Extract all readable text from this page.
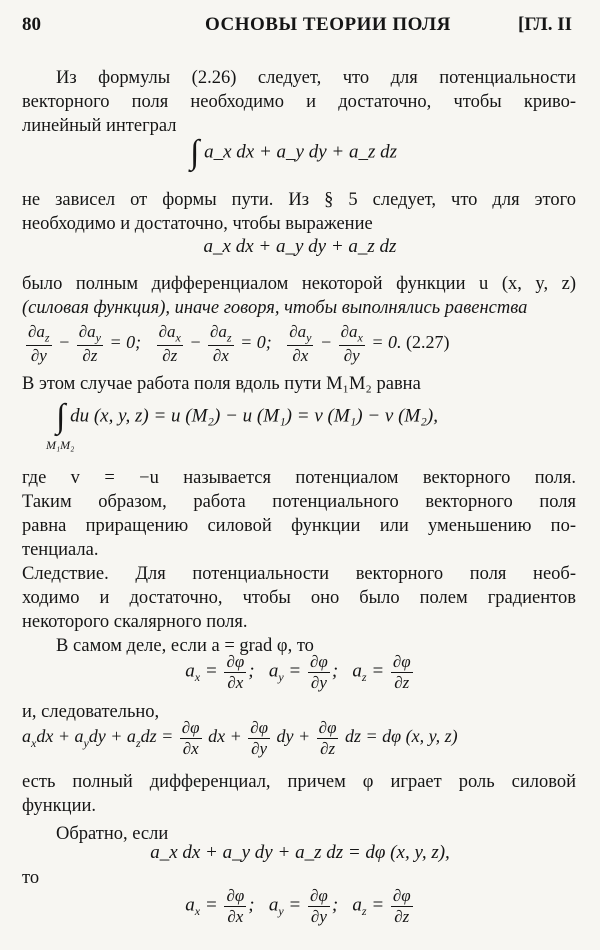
80	ОСНОВЫ ТЕОРИИ ПОЛЯ	[ГЛ. II
Из формулы (2.26) следует, что для потенциальности
векторного поля необходимо и достаточно, чтобы криво-
линейный интеграл
∫ a_x dx + a_y dy + a_z dz
не зависел от формы пути. Из § 5 следует, что для этого
необходимо и достаточно, чтобы выражение
a_x dx + a_y dy + a_z dz
было полным дифференциалом некоторой функции u (x, y, z)
(силовая функция), иначе говоря, чтобы выполнялись равенства
$\frac{\partial a_z}{\partial y} - \frac{\partial a_y}{\partial z} = 0$; $\frac{\partial a_x}{\partial z} - \frac{\partial a_z}{\partial x} = 0$; $\frac{\partial a_y}{\partial x} - \frac{\partial a_x}{\partial y} = 0$. (2.27)
В этом случае работа поля вдоль пути M₁M₂ равна
∫ du (x, y, z) = u (M₂) − u (M₁) = v (M₁) − v (M₂),
M₁M₂
где v = −u называется потенциалом векторного поля.
Таким образом, работа потенциального векторного поля
равна приращению силовой функции или уменьшению по-
тенциала.
Следствие. Для потенциальности векторного поля необ-
ходимо и достаточно, чтобы оно было полем градиентов
некоторого скалярного поля.
В самом деле, если a = grad φ, то
$a_x = \frac{\partial\varphi}{\partial x}$ ;   $a_y = \frac{\partial\varphi}{\partial y}$ ;   $a_z = \frac{\partial\varphi}{\partial z}$
и, следовательно,
$a_xdx + a_ydy + a_zdz = \frac{\partial\varphi}{\partial x}$ dx + $\frac{\partial\varphi}{\partial y}$ dy + $\frac{\partial\varphi}{\partial z}$ dz = dφ (x, y, z)
есть полный дифференциал, причем φ играет роль силовой
функции.
Обратно, если
a_x dx + a_y dy + a_z dz = dφ (x, y, z),
то
$a_x = \frac{\partial\varphi}{\partial x}$ ;   $a_y = \frac{\partial\varphi}{\partial y}$ ;   $a_z = \frac{\partial\varphi}{\partial z}$
